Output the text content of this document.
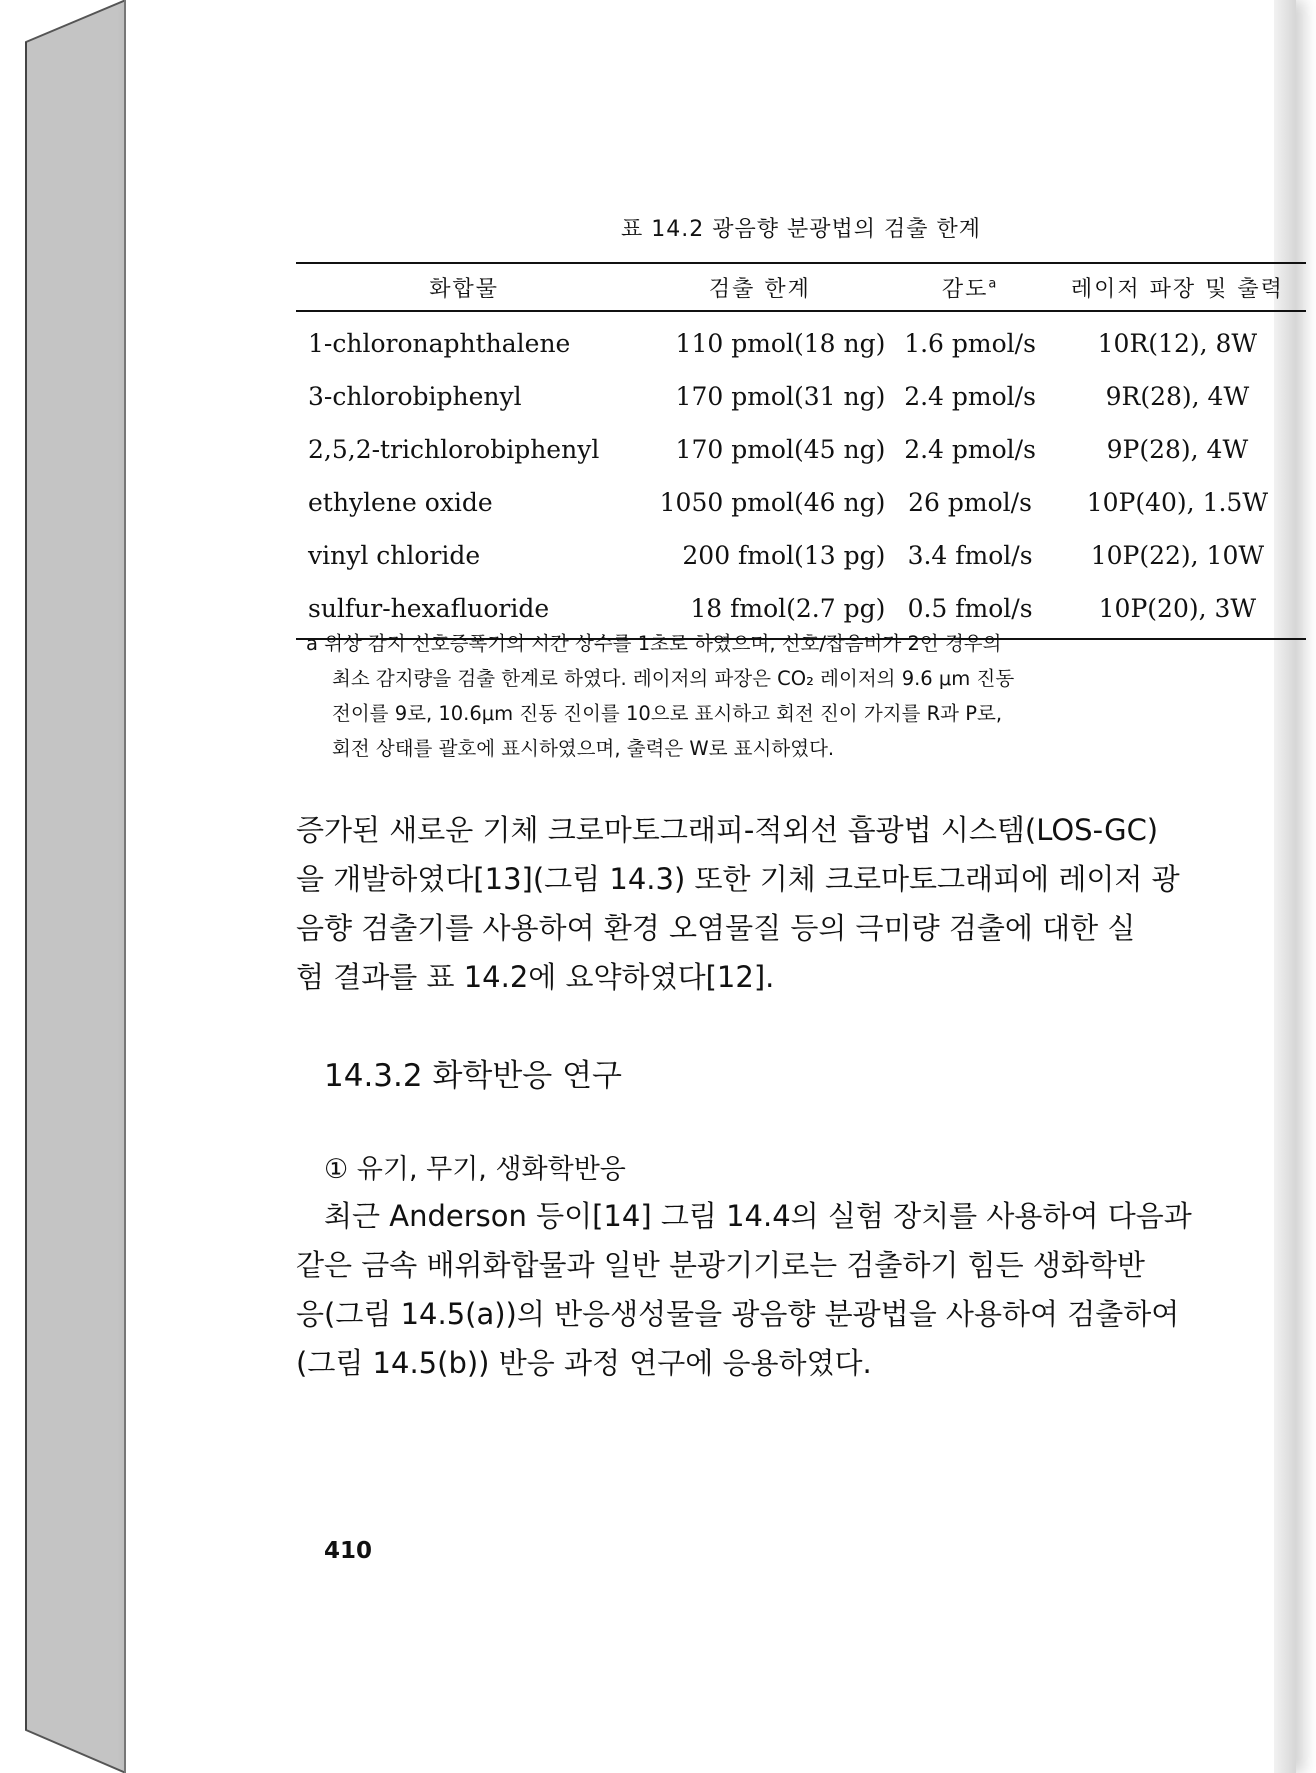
표 14.2 광음향 분광법의 검출 한계
화합물	검출 한계	감도$^a$	레이저 파장 및 출력
1-chloronaphthalene	110 pmol(18 ng)	1.6 pmol/s	10R(12), 8W
3-chlorobiphenyl	170 pmol(31 ng)	2.4 pmol/s	9R(28), 4W
2,5,2-trichlorobiphenyl	170 pmol(45 ng)	2.4 pmol/s	9P(28), 4W
ethylene oxide	1050 pmol(46 ng)	26 pmol/s	10P(40), 1.5W
vinyl chloride	200 fmol(13 pg)	3.4 fmol/s	10P(22), 10W
sulfur-hexafluoride	18 fmol(2.7 pg)	0.5 fmol/s	10P(20), 3W
a 위상 감지 신호증폭기의 시간 상수를 1초로 하였으며, 신호/잡음비가 2인 경우의
최소 감지량을 검출 한계로 하였다. 레이저의 파장은 CO₂ 레이저의 9.6 μm 진동
전이를 9로, 10.6μm 진동 진이를 10으로 표시하고 회전 진이 가지를 R과 P로,
회전 상태를 괄호에 표시하였으며, 출력은 W로 표시하였다.
증가된 새로운 기체 크로마토그래피-적외선 흡광법 시스템(LOS-GC)
을 개발하였다[13](그림 14.3) 또한 기체 크로마토그래피에 레이저 광
음향 검출기를 사용하여 환경 오염물질 등의 극미량 검출에 대한 실
험 결과를 표 14.2에 요약하였다[12].
14.3.2 화학반응 연구
① 유기, 무기, 생화학반응
최근 Anderson 등이[14] 그림 14.4의 실험 장치를 사용하여 다음과
같은 금속 배위화합물과 일반 분광기기로는 검출하기 힘든 생화학반
응(그림 14.5(a))의 반응생성물을 광음향 분광법을 사용하여 검출하여
(그림 14.5(b)) 반응 과정 연구에 응용하였다.
410
